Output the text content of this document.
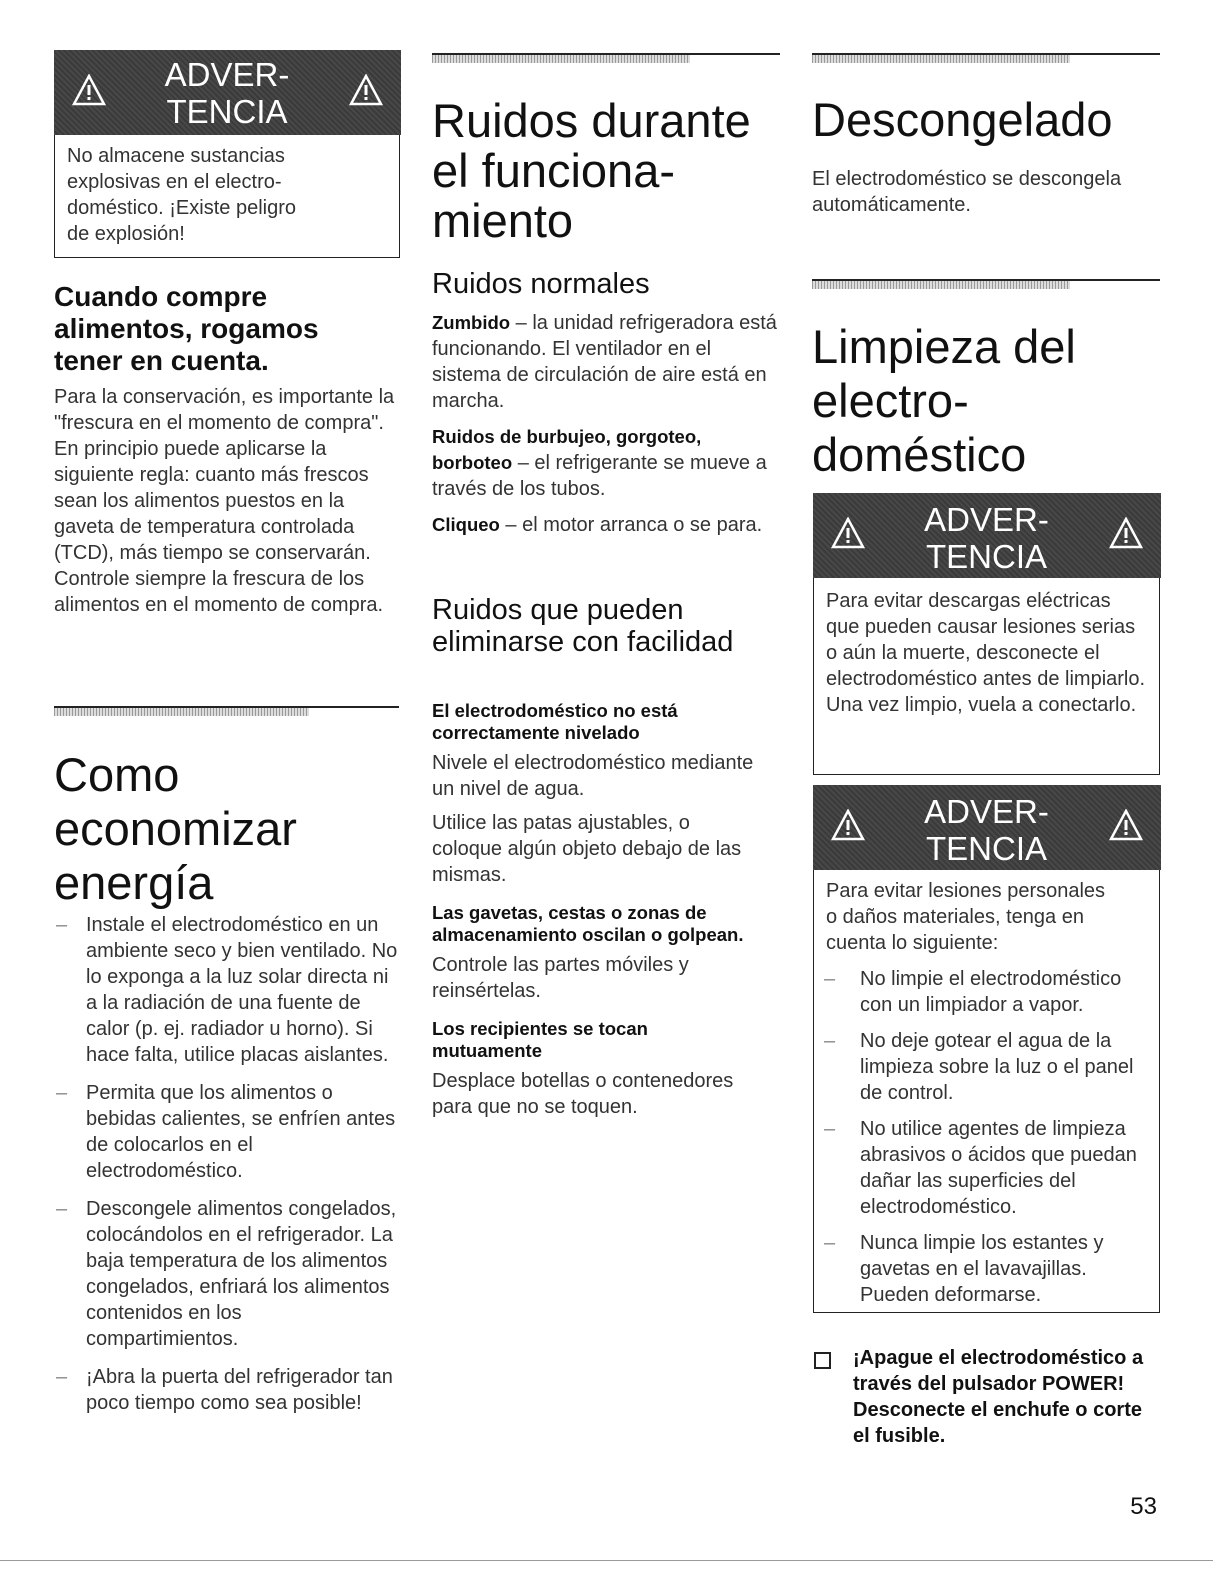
ADVER-
TENCIA
No almacene sustancias explosivas en el electro-doméstico. ¡Existe peligro de explosión!
Cuando compre alimentos, rogamos tener en cuenta.
Para la conservación, es importante la "frescura en el momento de compra". En principio puede aplicarse la siguiente regla: cuanto más frescos sean los alimentos puestos en la gaveta de temperatura controlada (TCD), más tiempo se conservarán. Controle siempre la frescura de los alimentos en el momento de compra.
Como
economizar
energía
– Instale el electrodoméstico en un ambiente seco y bien ventilado. No lo exponga a la luz solar directa ni a la radiación de una fuente de calor (p. ej. radiador u horno). Si hace falta, utilice placas aislantes.
– Permita que los alimentos o bebidas calientes, se enfríen antes de colocarlos en el electrodoméstico.
– Descongele alimentos congelados, colocándolos en el refrigerador. La baja temperatura de los alimentos congelados, enfriará los alimentos contenidos en los compartimientos.
– ¡Abra la puerta del refrigerador tan poco tiempo como sea posible!
Ruidos durante
el funciona-
miento
Ruidos normales

Zumbido – la unidad refrigeradora está funcionando. El ventilador en el sistema de circulación de aire está en marcha.

Ruidos de burbujeo, gorgoteo, borboteo – el refrigerante se mueve a través de los tubos.

Cliqueo – el motor arranca o se para.

Ruidos que pueden eliminarse con facilidad
El electrodoméstico no está correctamente nivelado

Nivele el electrodoméstico mediante un nivel de agua.

Utilice las patas ajustables, o coloque algún objeto debajo de las mismas.

Las gavetas, cestas o zonas de almacenamiento oscilan o golpean.

Controle las partes móviles y reinsértelas.

Los recipientes se tocan mutuamente

Desplace botellas o contenedores para que no se toquen.

Descongelado
El electrodoméstico se descongela automáticamente.
Limpieza del
electro-
doméstico
ADVER-
TENCIA
Para evitar descargas eléctricas que pueden causar lesiones serias o aún la muerte, desconecte el electrodoméstico antes de limpiarlo. Una vez limpio, vuela a conectarlo.
ADVER-
TENCIA
Para evitar lesiones personales o daños materiales, tenga en cuenta lo siguiente:
– No limpie el electrodoméstico con un limpiador a vapor.
– No deje gotear el agua de la limpieza sobre la luz o el panel de control.
– No utilice agentes de limpieza abrasivos o ácidos que puedan dañar las superficies del electrodoméstico.
– Nunca limpie los estantes y gavetas en el lavavajillas. Pueden deformarse.
¡Apague el electrodoméstico a través del pulsador POWER! Desconecte el enchufe o corte el fusible.
53
